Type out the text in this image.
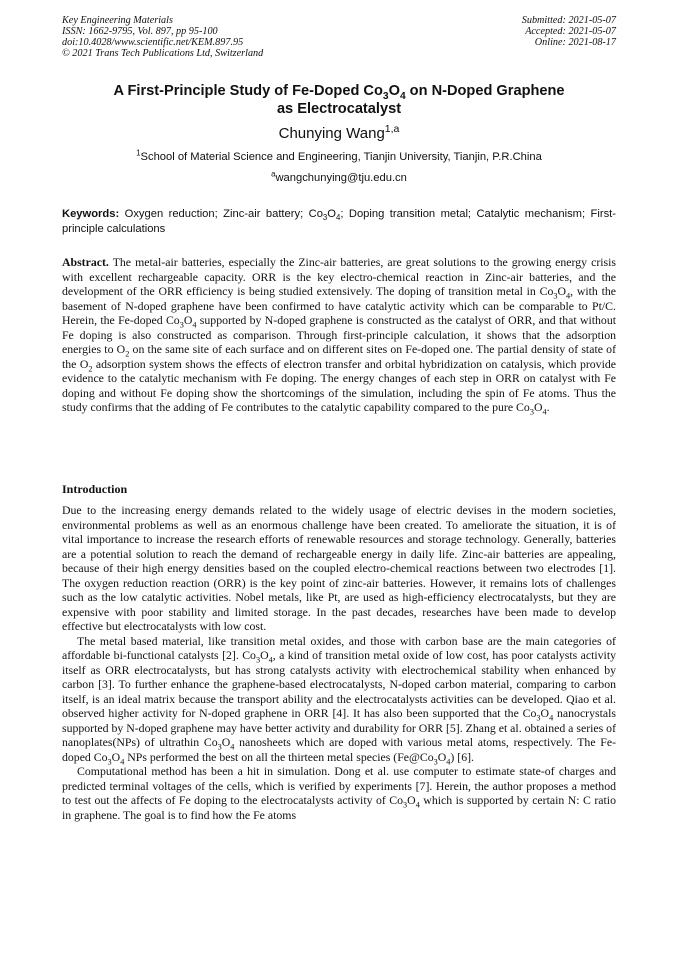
Key Engineering Materials
ISSN: 1662-9795, Vol. 897, pp 95-100
doi:10.4028/www.scientific.net/KEM.897.95
© 2021 Trans Tech Publications Ltd, Switzerland
Submitted: 2021-05-07
Accepted: 2021-05-07
Online: 2021-08-17
A First-Principle Study of Fe-Doped $Co_3O_4$ on N-Doped Graphene
as Electrocatalyst
Chunying Wang$^{1,a}$
$^1$School of Material Science and Engineering, Tianjin University, Tianjin, P.R.China
$^a$wangchunying@tju.edu.cn
Keywords: Oxygen reduction; Zinc-air battery; $Co_3O_4$; Doping transition metal; Catalytic mechanism; First-principle calculations
Abstract. The metal-air batteries, especially the Zinc-air batteries, are great solutions to the growing energy crisis with excellent rechargeable capacity. ORR is the key electro-chemical reaction in Zinc-air batteries, and the development of the ORR efficiency is being studied extensively. The doping of transition metal in $Co_3O_4$, with the basement of N-doped graphene have been confirmed to have catalytic activity which can be comparable to Pt/C. Herein, the Fe-doped $Co_3O_4$ supported by N-doped graphene is constructed as the catalyst of ORR, and that without Fe doping is also constructed as comparison. Through first-principle calculation, it shows that the adsorption energies to $O_2$ on the same site of each surface and on different sites on Fe-doped one. The partial density of state of the $O_2$ adsorption system shows the effects of electron transfer and orbital hybridization on catalysis, which provide evidence to the catalytic mechanism with Fe doping. The energy changes of each step in ORR on catalyst with Fe doping and without Fe doping show the shortcomings of the simulation, including the spin of Fe atoms. Thus the study confirms that the adding of Fe contributes to the catalytic capability compared to the pure $Co_3O_4$.
Introduction

Due to the increasing energy demands related to the widely usage of electric devises in the modern societies, environmental problems as well as an enormous challenge have been created. To ameliorate the situation, it is of vital importance to increase the research efforts of renewable resources and storage technology. Generally, batteries are a potential solution to reach the demand of rechargeable energy in daily life. Zinc-air batteries are appealing, because of their high energy densities based on the coupled electro-chemical reactions between two electrodes [1]. The oxygen reduction reaction (ORR) is the key point of zinc-air batteries. However, it remains lots of challenges such as the low catalytic activities. Nobel metals, like Pt, are used as high-efficiency electrocatalysts, but they are expensive with poor stability and limited storage. In the past decades, researches have been made to develop effective but electrocatalysts with low cost.

The metal based material, like transition metal oxides, and those with carbon base are the main categories of affordable bi-functional catalysts [2]. $Co_3O_4$, a kind of transition metal oxide of low cost, has poor catalysts activity itself as ORR electrocatalysts, but has strong catalysts activity with electrochemical stability when enhanced by carbon [3]. To further enhance the graphene-based electrocatalysts, N-doped carbon material, comparing to carbon itself, is an ideal matrix because the transport ability and the electrocatalysts activities can be developed. Qiao et al. observed higher activity for N-doped graphene in ORR [4]. It has also been supported that the $Co_3O_4$ nanocrystals supported by N-doped graphene may have better activity and durability for ORR [5]. Zhang et al. obtained a series of nanoplates(NPs) of ultrathin $Co_3O_4$ nanosheets which are doped with various metal atoms, respectively. The Fe-doped $Co_3O_4$ NPs performed the best on all the thirteen metal species $(Fe@Co_3O_4)$ [6].

Computational method has been a hit in simulation. Dong et al. use computer to estimate state-of charges and predicted terminal voltages of the cells, which is verified by experiments [7]. Herein, the author proposes a method to test out the affects of Fe doping to the electrocatalysts activity of $Co_3O_4$ which is supported by certain N: C ratio in graphene. The goal is to find how the Fe atoms
